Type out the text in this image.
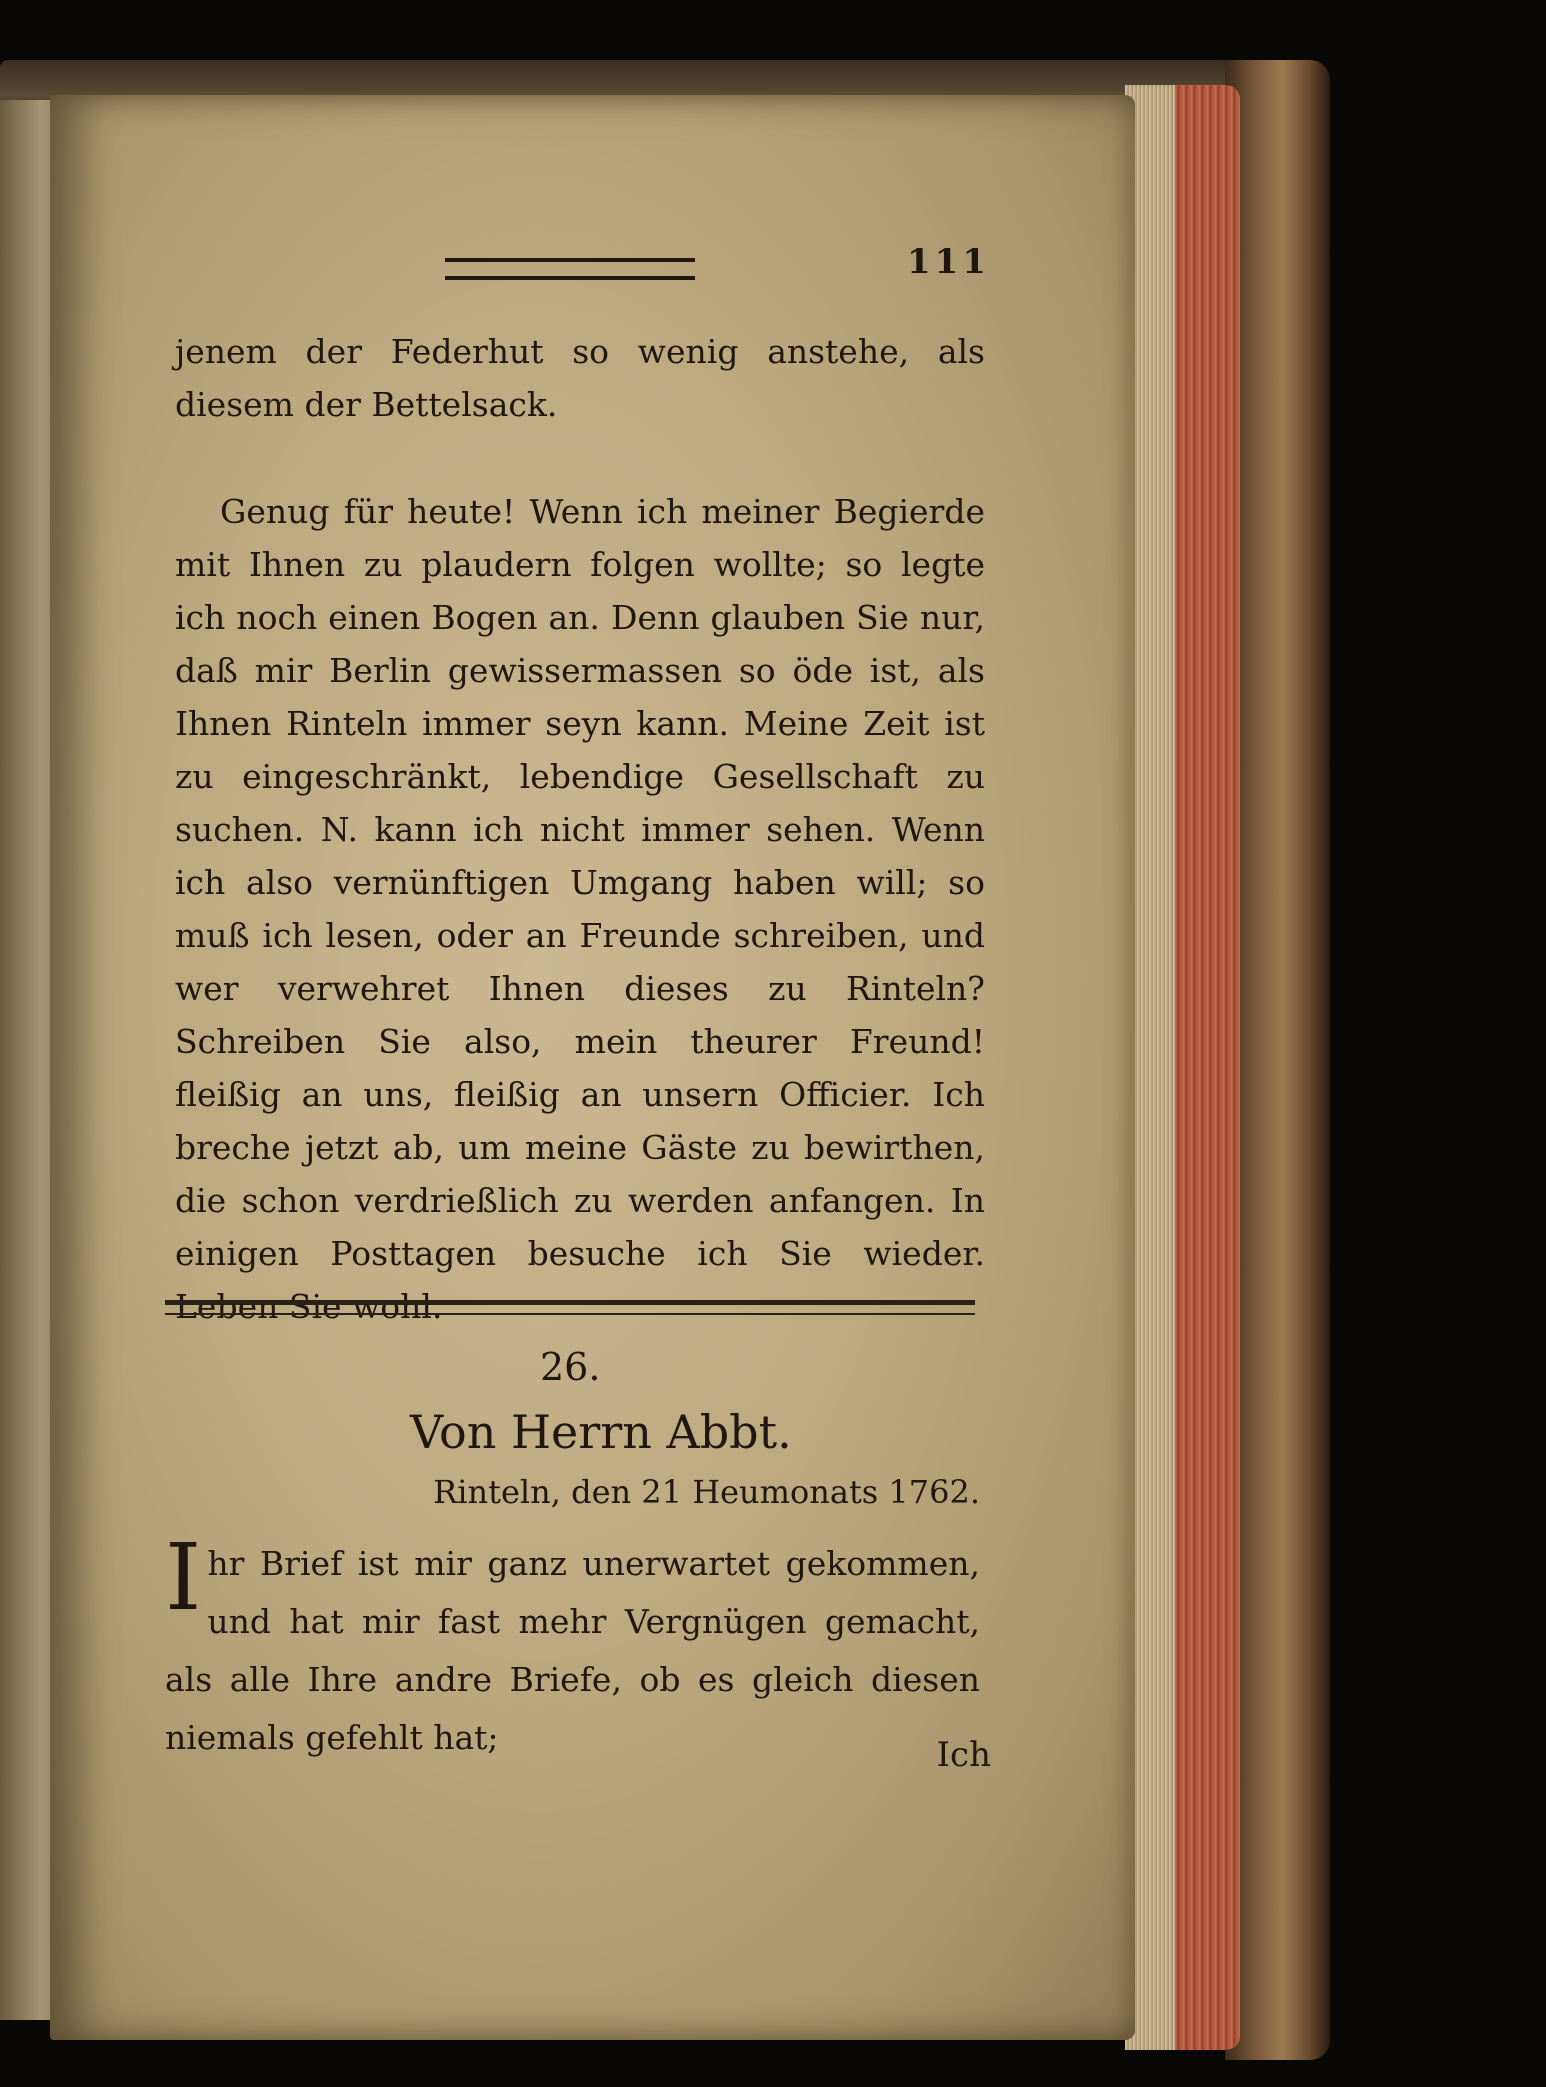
111
jenem der Federhut so wenig anstehe, als diesem der Bettelsack.
Genug für heute! Wenn ich meiner Begierde mit Ihnen zu plaudern folgen wollte; so legte ich noch einen Bogen an. Denn glauben Sie nur, daß mir Berlin gewissermassen so öde ist, als Ihnen Rinteln immer seyn kann. Meine Zeit ist zu eingeschränkt, lebendige Gesellschaft zu suchen. N. kann ich nicht immer sehen. Wenn ich also vernünftigen Umgang haben will; so muß ich lesen, oder an Freunde schreiben, und wer verwehret Ihnen dieses zu Rinteln? Schreiben Sie also, mein theurer Freund! fleißig an uns, fleißig an unsern Officier. Ich breche jetzt ab, um meine Gäste zu bewirthen, die schon verdrießlich zu werden anfangen. In einigen Posttagen besuche ich Sie wieder. Leben Sie wohl.
26.
Von Herrn Abbt.
Rinteln, den 21 Heumonats 1762.
Ihr Brief ist mir ganz unerwartet gekommen, und hat mir fast mehr Vergnügen gemacht, als alle Ihre andre Briefe, ob es gleich diesen niemals gefehlt hat;	Ich
